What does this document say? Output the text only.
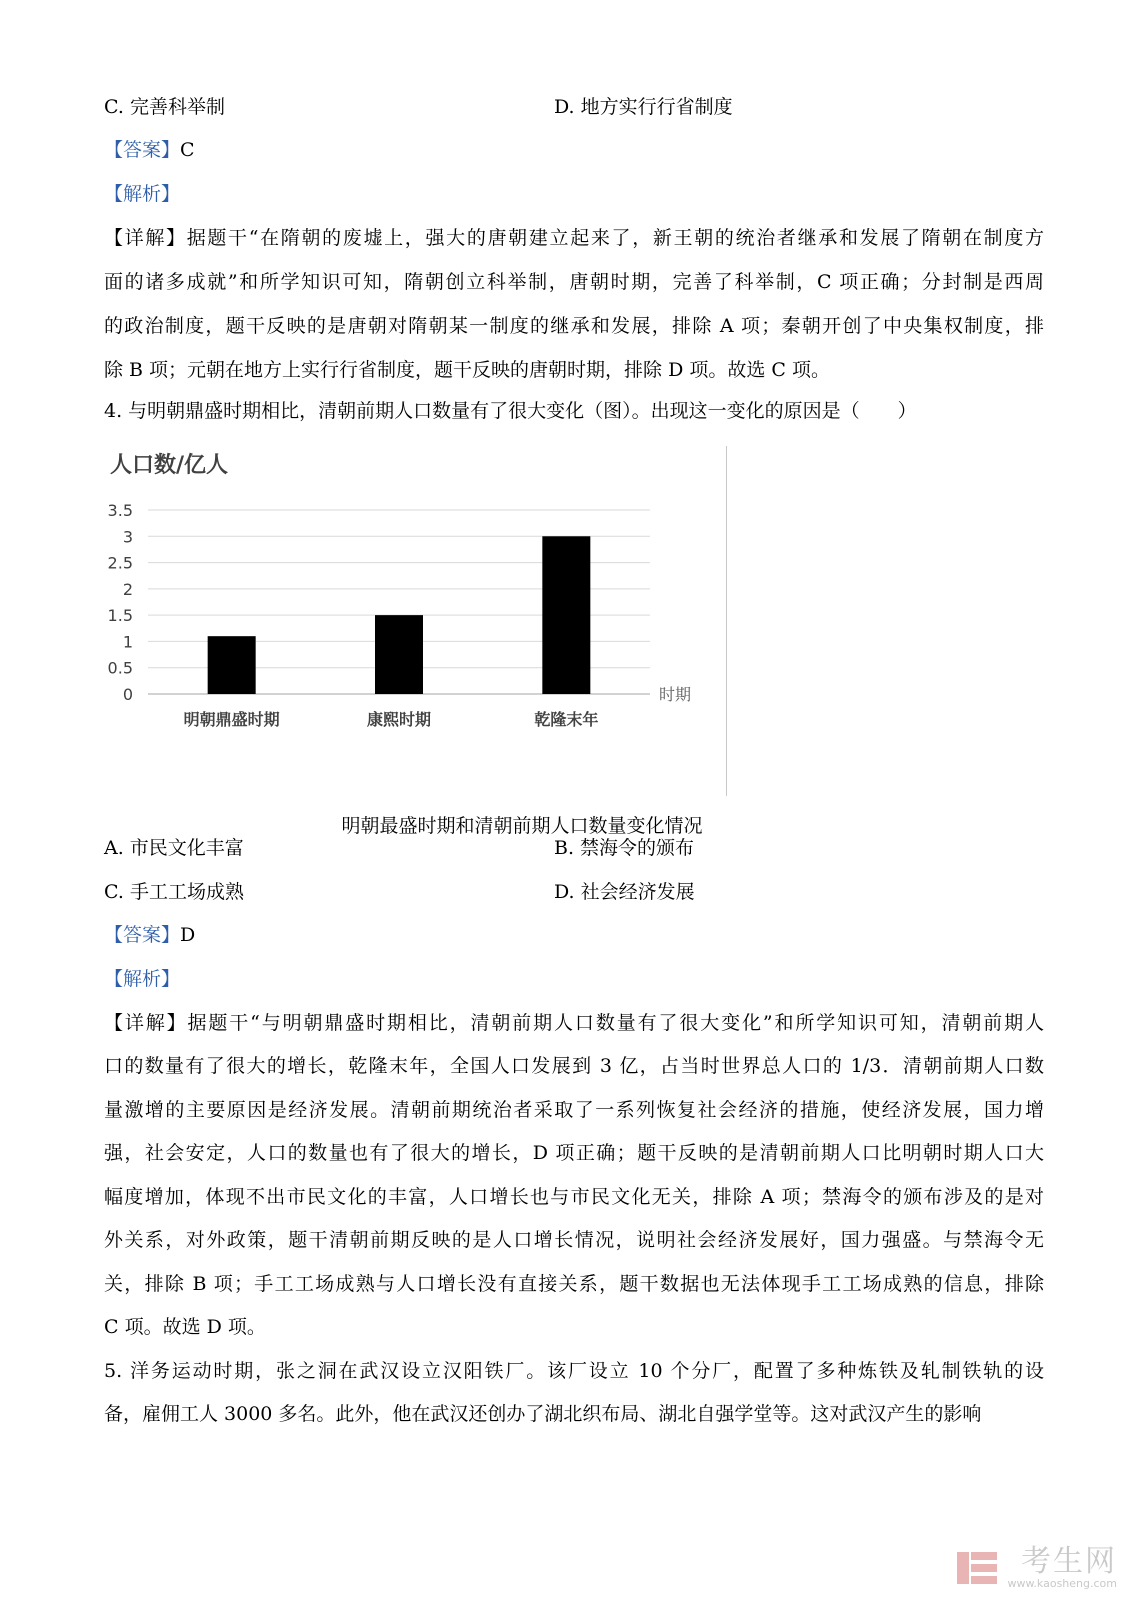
C. 完善科举制	D. 地方实行行省制度
【答案】C
【解析】
【详解】据题干“在隋朝的废墟上，强大的唐朝建立起来了，新王朝的统治者继承和发展了隋朝在制度方
面的诸多成就”和所学知识可知，隋朝创立科举制，唐朝时期，完善了科举制，C 项正确；分封制是西周
的政治制度，题干反映的是唐朝对隋朝某一制度的继承和发展，排除 A 项；秦朝开创了中央集权制度，排
除 B 项；元朝在地方上实行行省制度，题干反映的唐朝时期，排除 D 项。故选 C 项。
4. 与明朝鼎盛时期相比，清朝前期人口数量有了很大变化（图）。出现这一变化的原因是（　　）
人口数/亿人
0
0.5
1
1.5
2
2.5
3
3.5
明朝鼎盛时期	康熙时期	乾隆末年
时期
明朝最盛时期和清朝前期人口数量变化情况
A. 市民文化丰富	B. 禁海令的颁布
C. 手工工场成熟	D. 社会经济发展
【答案】D
【解析】
【详解】据题干“与明朝鼎盛时期相比，清朝前期人口数量有了很大变化”和所学知识可知，清朝前期人
口的数量有了很大的增长，乾隆末年，全国人口发展到 3 亿，占当时世界总人口的 1/3．清朝前期人口数
量激增的主要原因是经济发展。清朝前期统治者采取了一系列恢复社会经济的措施，使经济发展，国力增
强，社会安定，人口的数量也有了很大的增长，D 项正确；题干反映的是清朝前期人口比明朝时期人口大
幅度增加，体现不出市民文化的丰富，人口增长也与市民文化无关，排除 A 项；禁海令的颁布涉及的是对
外关系，对外政策，题干清朝前期反映的是人口增长情况，说明社会经济发展好，国力强盛。与禁海令无
关，排除 B 项；手工工场成熟与人口增长没有直接关系，题干数据也无法体现手工工场成熟的信息，排除
C 项。故选 D 项。
5. 洋务运动时期，张之洞在武汉设立汉阳铁厂。该厂设立 10 个分厂，配置了多种炼铁及轧制铁轨的设
备，雇佣工人 3000 多名。此外，他在武汉还创办了湖北织布局、湖北自强学堂等。这对武汉产生的影响
考生网
www.kaosheng.com
